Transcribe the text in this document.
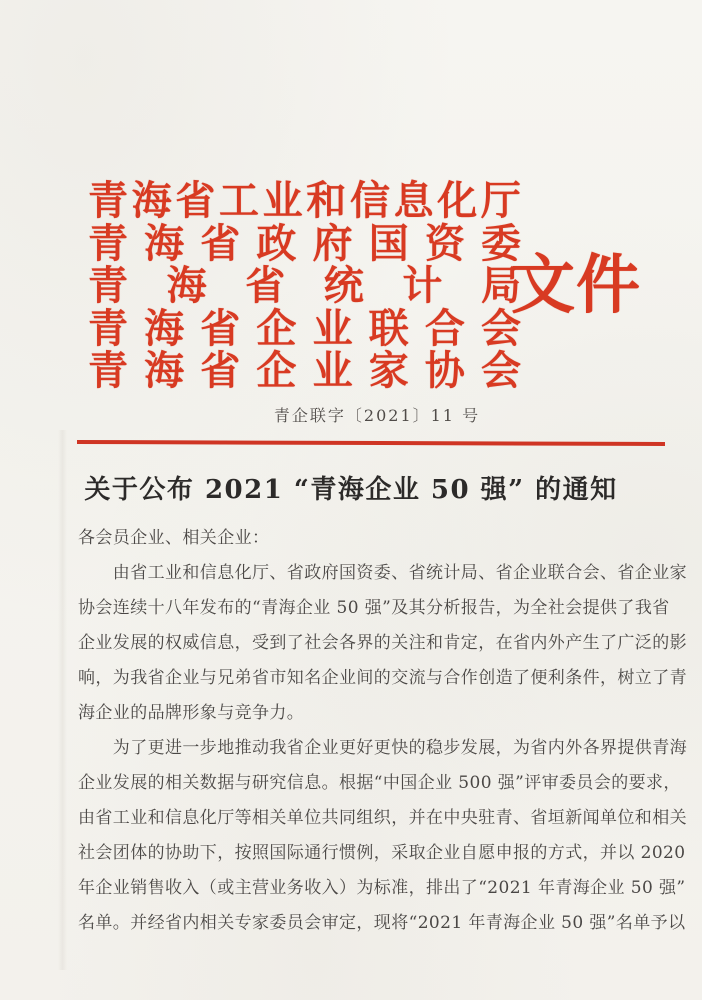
青 海 省 工 业 和 信 息 化 厅
青 海 省 政 府 国 资 委
青 海 省 统 计 局
青 海 省 企 业 联 合 会
青 海 省 企 业 家 协 会
文件
青企联字〔2021〕11 号
关于公布 2021 “青海企业 50 强” 的通知
各会员企业、相关企业：
　　由省工业和信息化厅、省政府国资委、省统计局、省企业联合会、省企业家
协会连续十八年发布的“青海企业 50 强”及其分析报告，为全社会提供了我省
企业发展的权威信息，受到了社会各界的关注和肯定，在省内外产生了广泛的影
响，为我省企业与兄弟省市知名企业间的交流与合作创造了便利条件，树立了青
海企业的品牌形象与竞争力。
　　为了更进一步地推动我省企业更好更快的稳步发展，为省内外各界提供青海
企业发展的相关数据与研究信息。根据“中国企业 500 强”评审委员会的要求，
由省工业和信息化厅等相关单位共同组织，并在中央驻青、省垣新闻单位和相关
社会团体的协助下，按照国际通行惯例，采取企业自愿申报的方式，并以 2020
年企业销售收入（或主营业务收入）为标准，排出了“2021 年青海企业 50 强”
名单。并经省内相关专家委员会审定，现将“2021 年青海企业 50 强”名单予以
